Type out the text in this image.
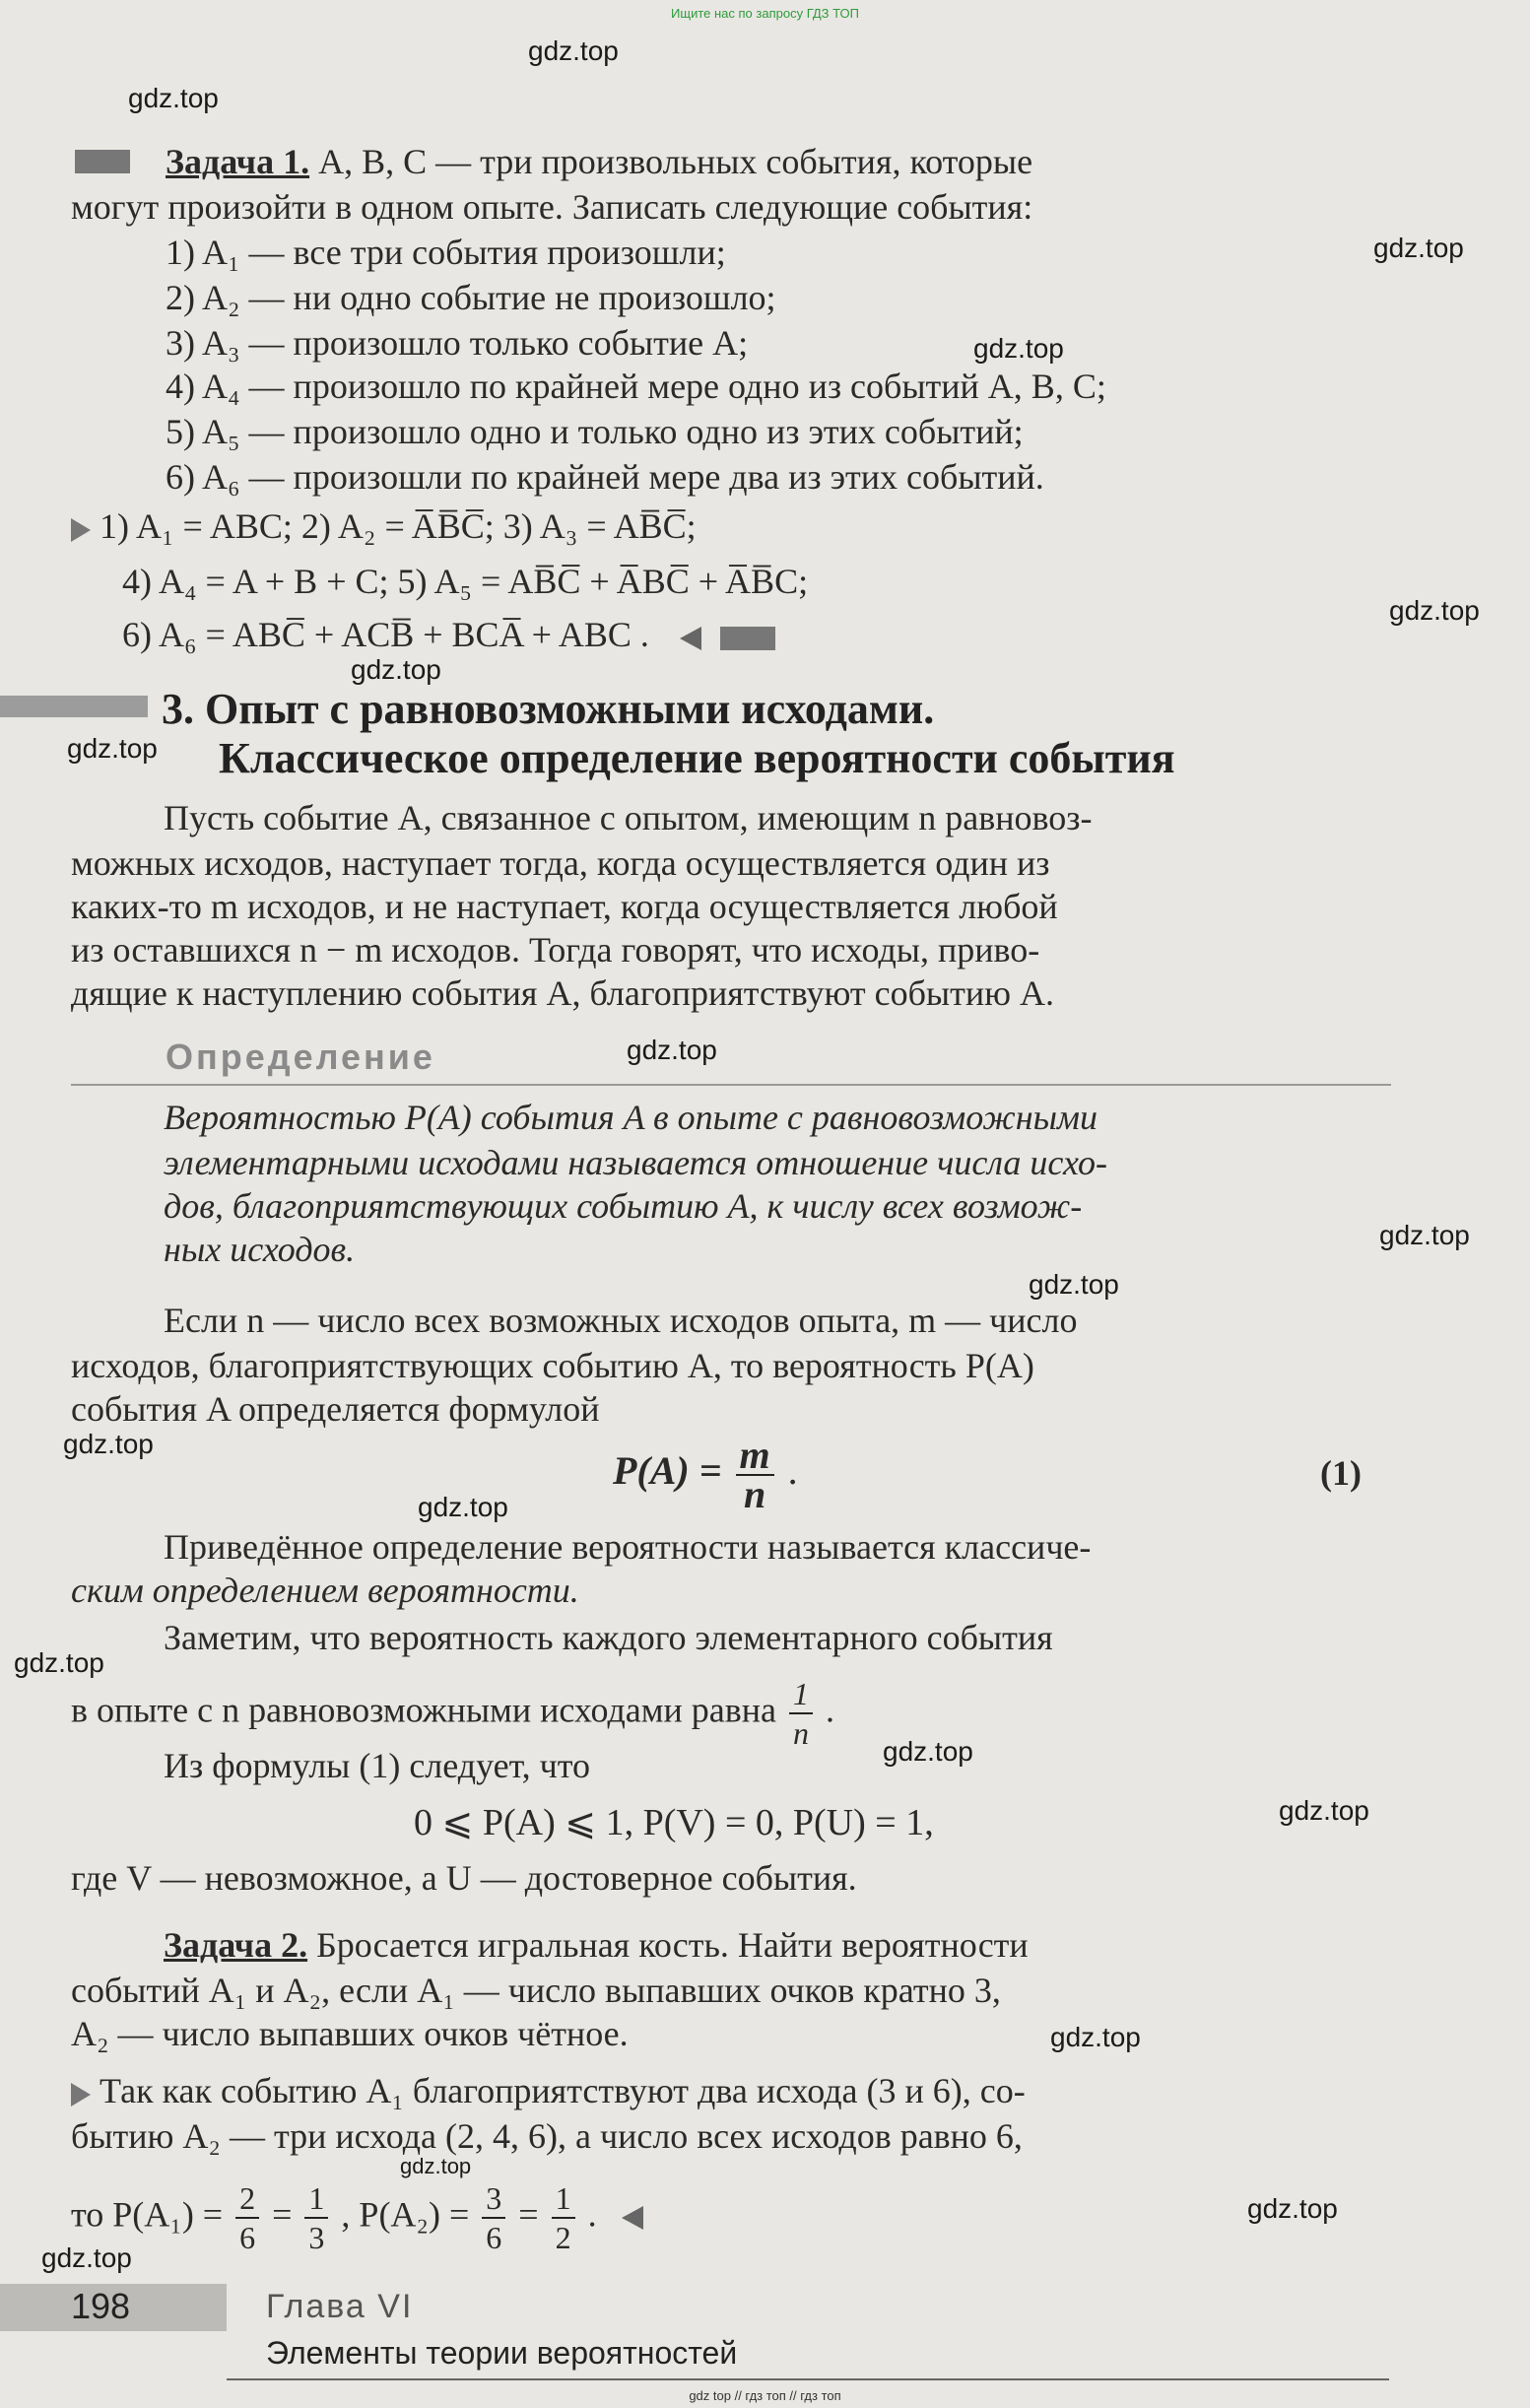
Ищите нас по запросу ГДЗ ТОП
gdz.top
gdz.top
gdz.top
gdz.top
gdz.top
gdz.top
gdz.top
gdz.top
gdz.top
gdz.top
gdz.top
gdz.top
gdz.top
gdz.top
gdz.top
gdz.top
gdz.top
gdz.top
gdz.top
Задача 1. A, B, C — три произвольных события, которые
могут произойти в одном опыте. Записать следующие события:
1) A₁ — все три события произошли;
2) A₂ — ни одно событие не произошло;
3) A₃ — произошло только событие A;
4) A₄ — произошло по крайней мере одно из событий A, B, C;
5) A₅ — произошло одно и только одно из этих событий;
6) A₆ — произошли по крайней мере два из этих событий.
1) A₁ = ABC; 2) A₂ = A̅B̅C̅; 3) A₃ = AB̅C̅;
4) A₄ = A + B + C; 5) A₅ = AB̅C̅ + A̅BC̅ + A̅B̅C;
6) A₆ = ABC̅ + ACB̅ + BCA̅ + ABC .
3. Опыт с равновозможными исходами.
Классическое определение вероятности события
Пусть событие A, связанное с опытом, имеющим n равновоз-
можных исходов, наступает тогда, когда осуществляется один из
каких-то m исходов, и не наступает, когда осуществляется любой
из оставшихся n − m исходов. Тогда говорят, что исходы, приво-
дящие к наступлению события A, благоприятствуют событию A.
Определение
Вероятностью P(A) события A в опыте с равновозможными
элементарными исходами называется отношение числа исхо-
дов, благоприятствующих событию A, к числу всех возмож-
ных исходов.
Если n — число всех возможных исходов опыта, m — число
исходов, благоприятствующих событию A, то вероятность P(A)
события A определяется формулой
$P(A) = \frac{m}{n}$ .	(1)
Приведённое определение вероятности называется классиче-
ским определением вероятности.
Заметим, что вероятность каждого элементарного события
в опыте с n равновозможными исходами равна $\frac{1}{n}$ .
Из формулы (1) следует, что
0 ⩽ P(A) ⩽ 1, P(V) = 0, P(U) = 1,
где V — невозможное, а U — достоверное события.
Задача 2. Бросается игральная кость. Найти вероятности
событий A₁ и A₂, если A₁ — число выпавших очков кратно 3,
A₂ — число выпавших очков чётное.
Так как событию A₁ благоприятствуют два исхода (3 и 6), со-
бытию A₂ — три исхода (2, 4, 6), а число всех исходов равно 6,
то $P(A_1) = \frac{2}{6} = \frac{1}{3}$ , $P(A_2) = \frac{3}{6} = \frac{1}{2}$ .
198	Глава VI
Элементы теории вероятностей
gdz top // гдз топ // гдз топ
